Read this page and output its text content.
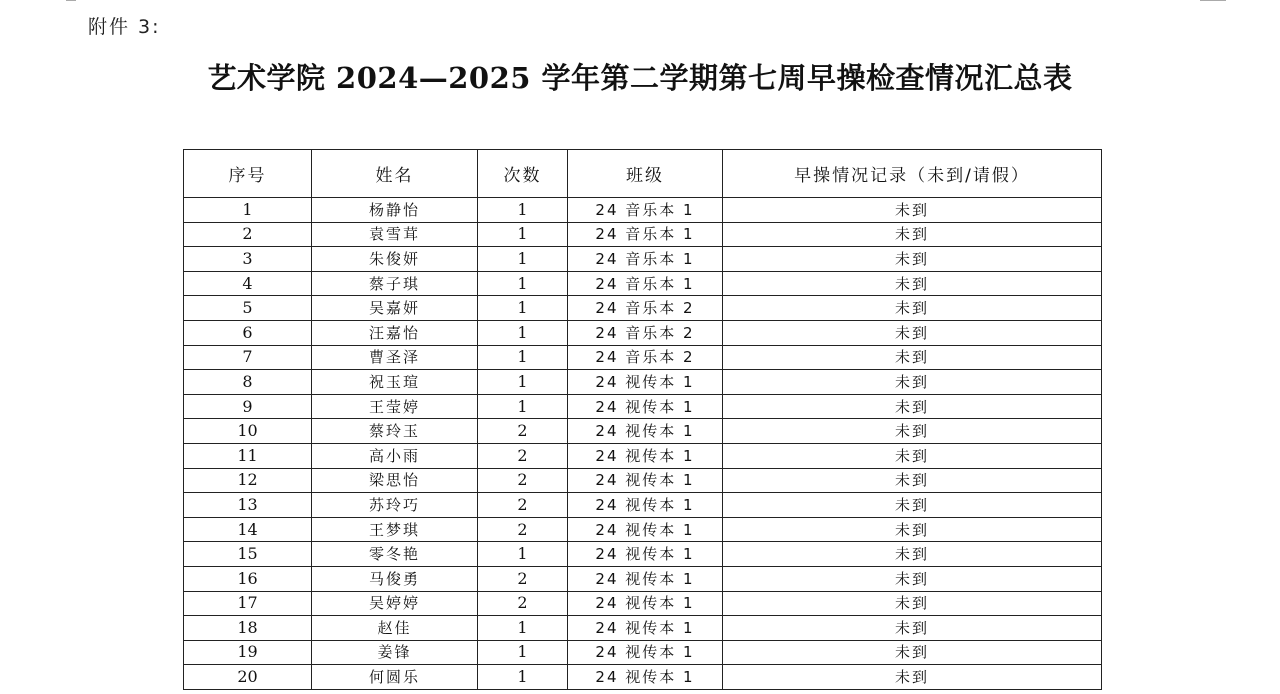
附件 3:
艺术学院 2024—2025 学年第二学期第七周早操检查情况汇总表
序号	姓名	次数	班级	早操情况记录（未到/请假）
1	杨静怡	1	24 音乐本 1	未到
2	袁雪茸	1	24 音乐本 1	未到
3	朱俊妍	1	24 音乐本 1	未到
4	蔡子琪	1	24 音乐本 1	未到
5	吴嘉妍	1	24 音乐本 2	未到
6	汪嘉怡	1	24 音乐本 2	未到
7	曹圣泽	1	24 音乐本 2	未到
8	祝玉瑄	1	24 视传本 1	未到
9	王莹婷	1	24 视传本 1	未到
10	蔡玲玉	2	24 视传本 1	未到
11	高小雨	2	24 视传本 1	未到
12	梁思怡	2	24 视传本 1	未到
13	苏玲巧	2	24 视传本 1	未到
14	王梦琪	2	24 视传本 1	未到
15	零冬艳	1	24 视传本 1	未到
16	马俊勇	2	24 视传本 1	未到
17	吴婷婷	2	24 视传本 1	未到
18	赵佳	1	24 视传本 1	未到
19	姜锋	1	24 视传本 1	未到
20	何圆乐	1	24 视传本 1	未到
